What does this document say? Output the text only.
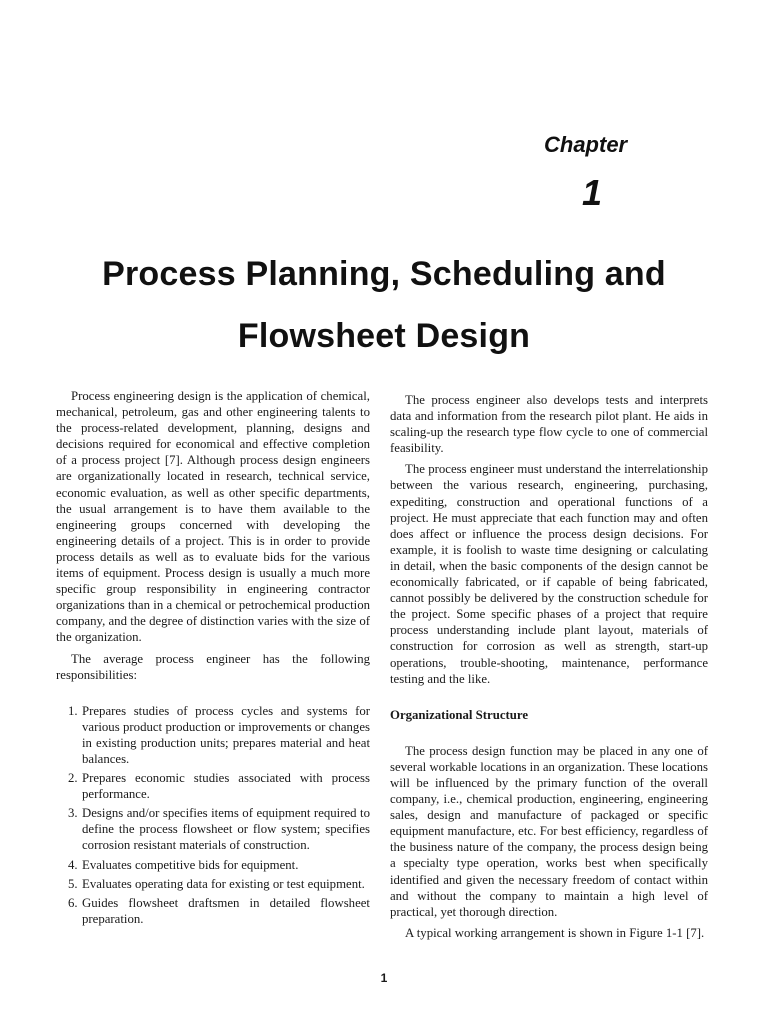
Chapter
1
Process Planning, Scheduling and
Flowsheet Design

Process engineering design is the application of chemical, mechanical, petroleum, gas and other engineering talents to the process-related development, planning, designs and decisions required for economical and effective completion of a process project [7]. Although process design engineers are organizationally located in research, technical service, economic evaluation, as well as other specific departments, the usual arrangement is to have them available to the engineering groups concerned with developing the engineering details of a project. This is in order to provide process details as well as to evaluate bids for the various items of equipment. Process design is usually a much more specific group responsibility in engineering contractor organizations than in a chemical or petrochemical production company, and the degree of distinction varies with the size of the organization.

The average process engineer has the following responsibilities:

1. Prepares studies of process cycles and systems for various product production or improvements or changes in existing production units; prepares material and heat balances.
2. Prepares economic studies associated with process performance.
3. Designs and/or specifies items of equipment required to define the process flowsheet or flow system; specifies corrosion resistant materials of construction.
4. Evaluates competitive bids for equipment.
5. Evaluates operating data for existing or test equipment.
6. Guides flowsheet draftsmen in detailed flowsheet preparation.

The process engineer also develops tests and interprets data and information from the research pilot plant. He aids in scaling-up the research type flow cycle to one of commercial feasibility.

The process engineer must understand the interrelationship between the various research, engineering, purchasing, expediting, construction and operational functions of a project. He must appreciate that each function may and often does affect or influence the process design decisions. For example, it is foolish to waste time designing or calculating in detail, when the basic components of the design cannot be economically fabricated, or if capable of being fabricated, cannot possibly be delivered by the construction schedule for the project. Some specific phases of a project that require process understanding include plant layout, materials of construction for corrosion as well as strength, start-up operations, trouble-shooting, maintenance, performance testing and the like.

Organizational Structure

The process design function may be placed in any one of several workable locations in an organization. These locations will be influenced by the primary function of the overall company, i.e., chemical production, engineering, engineering sales, design and manufacture of packaged or specific equipment manufacture, etc. For best efficiency, regardless of the business nature of the company, the process design being a specialty type operation, works best when specifically identified and given the necessary freedom of contact within and without the company to maintain a high level of practical, yet thorough direction.

A typical working arrangement is shown in Figure 1-1 [7].

1
